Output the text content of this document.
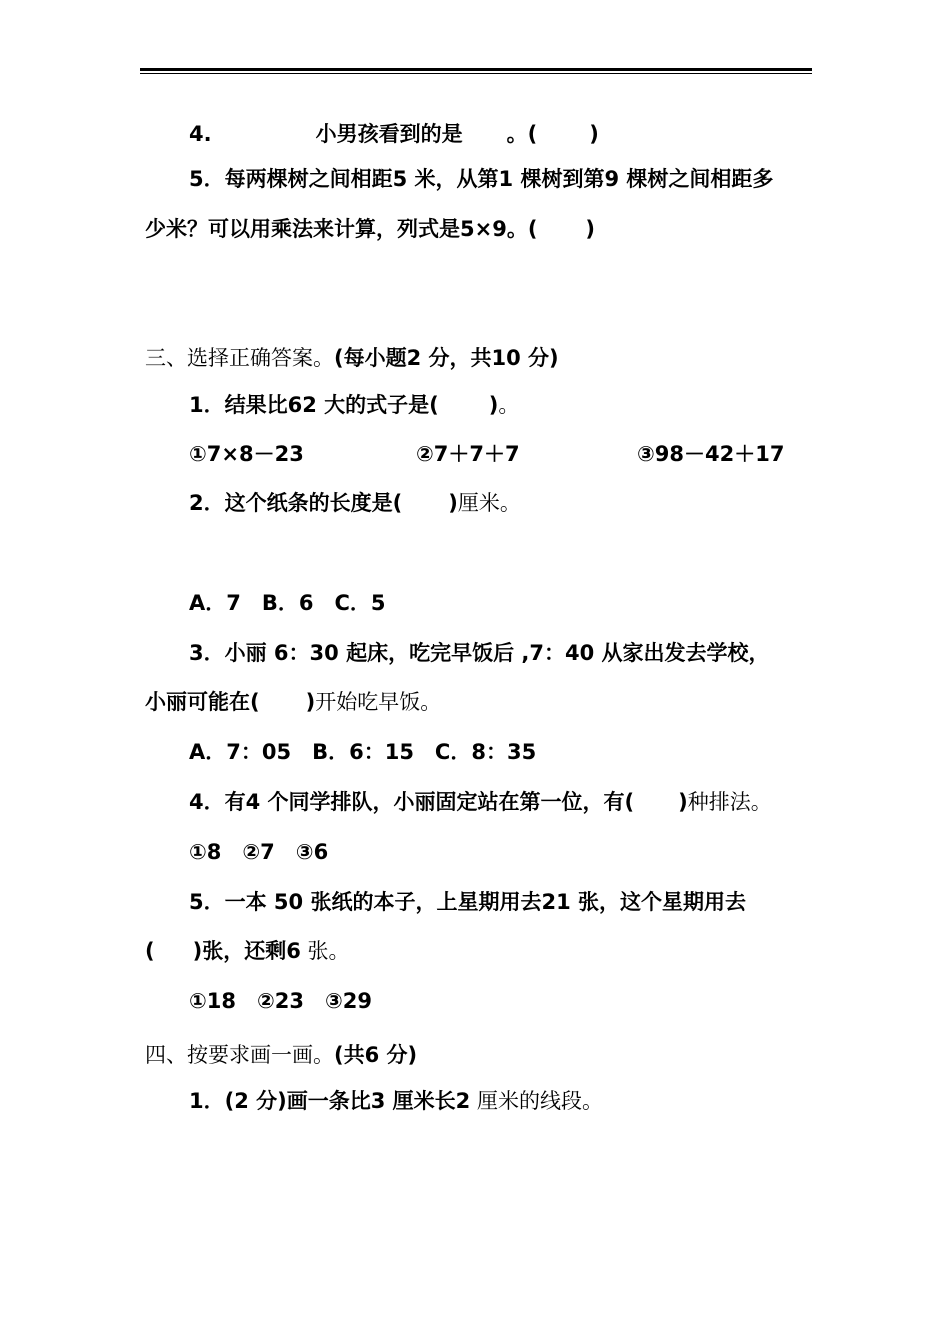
4.	小男孩看到的是 。( )
5．每两棵树之间相距5 米，从第1 棵树到第9 棵树之间相距多
少米？可以用乘法来计算，列式是5×9。( )
三、选择正确答案。(每小题2 分，共10 分)
1．结果比62 大的式子是( )。
①7×8－23	②7＋7＋7	③98－42＋17
2．这个纸条的长度是( )厘米。
A．7　B．6　C．5
3．小丽 6：30 起床，吃完早饭后 ,7：40 从家出发去学校，
小丽可能在( )开始吃早饭。
A．7：05　B．6：15　C．8：35
4．有4 个同学排队，小丽固定站在第一位，有( )种排法。
①8　②7　③6
5．一本 50 张纸的本子，上星期用去21 张，这个星期用去
( )张，还剩6 张。
①18　②23　③29
四、按要求画一画。(共6 分)
1．(2 分)画一条比3 厘米长2 厘米的线段。
